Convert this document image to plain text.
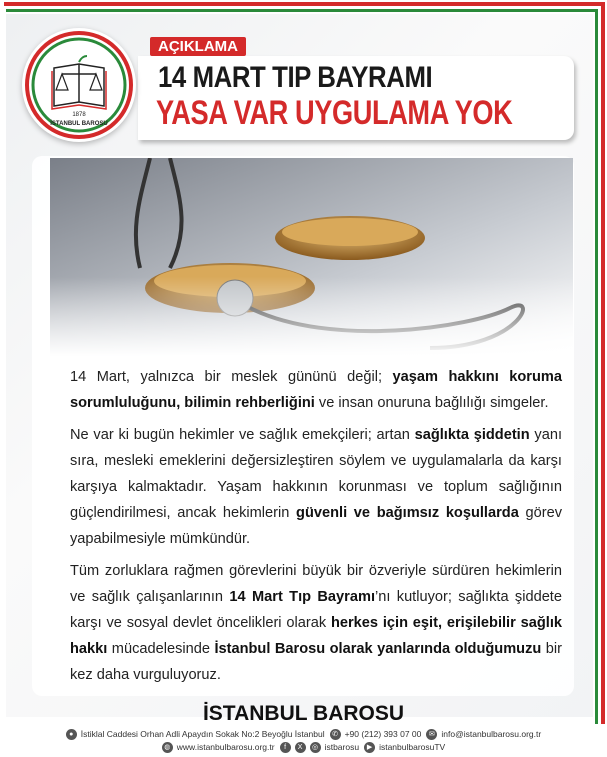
14 MART TIP BAYRAMI
YASA VAR UYGULAMA YOK
AÇIKLAMA
1878
İSTANBUL BAROSU

14 Mart, yalnızca bir meslek gününü değil; yaşam hakkını koruma sorumluluğunu, bilimin rehberliğini ve insan onuruna bağlılığı simgeler.

Ne var ki bugün hekimler ve sağlık emekçileri; artan sağlıkta şiddetin yanı sıra, mesleki emeklerini değersizleştiren söylem ve uygulamalarla da karşı karşıya kalmaktadır. Yaşam hakkının korunması ve toplum sağlığının güçlendirilmesi, ancak hekimlerin güvenli ve bağımsız koşullarda görev yapabilmesiyle mümkündür.

Tüm zorluklara rağmen görevlerini büyük bir özveriyle sürdüren hekimlerin ve sağlık çalışanlarının 14 Mart Tıp Bayramı’nı kutluyor; sağlıkta şiddete karşı ve sosyal devlet öncelikleri olarak herkes için eşit, erişilebilir sağlık hakkı mücadelesinde İstanbul Barosu olarak yanlarında olduğumuzu bir kez daha vurguluyoruz.

İSTANBUL BAROSU
● İstiklal Caddesi Orhan Adli Apaydın Sokak No:2 Beyoğlu İstanbul	✆ +90 (212) 393 07 00	✉ info@istanbulbarosu.org.tr
◍ www.istanbulbarosu.org.tr	f	X	◎ istbarosu	▶ istanbulbarosuTV
